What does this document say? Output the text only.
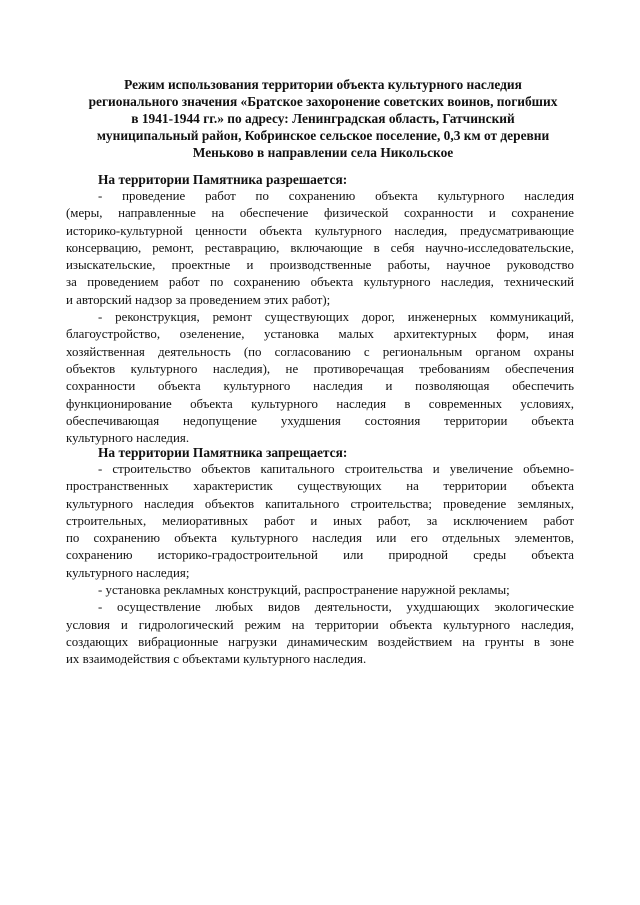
Режим использования территории объекта культурного наследия
регионального значения «Братское захоронение советских воинов, погибших
в 1941-1944 гг.» по адресу: Ленинградская область, Гатчинский
муниципальный район, Кобринское сельское поселение, 0,3 км от деревни
Меньково в направлении села Никольское
На территории Памятника разрешается:
- проведение работ по сохранению объекта культурного наследия
(меры, направленные на обеспечение физической сохранности и сохранение
историко-культурной ценности объекта культурного наследия, предусматривающие
консервацию, ремонт, реставрацию, включающие в себя научно-исследовательские,
изыскательские, проектные и производственные работы, научное руководство
за проведением работ по сохранению объекта культурного наследия, технический
и авторский надзор за проведением этих работ);
- реконструкция, ремонт существующих дорог, инженерных коммуникаций,
благоустройство, озеленение, установка малых архитектурных форм, иная
хозяйственная деятельность (по согласованию с региональным органом охраны
объектов культурного наследия), не противоречащая требованиям обеспечения
сохранности объекта культурного наследия и позволяющая обеспечить
функционирование объекта культурного наследия в современных условиях,
обеспечивающая недопущение ухудшения состояния территории объекта
культурного наследия.
На территории Памятника запрещается:
- строительство объектов капитального строительства и увеличение объемно-
пространственных характеристик существующих на территории объекта
культурного наследия объектов капитального строительства; проведение земляных,
строительных, мелиоративных работ и иных работ, за исключением работ
по сохранению объекта культурного наследия или его отдельных элементов,
сохранению историко-градостроительной или природной среды объекта
культурного наследия;
- установка рекламных конструкций, распространение наружной рекламы;
- осуществление любых видов деятельности, ухудшающих экологические
условия и гидрологический режим на территории объекта культурного наследия,
создающих вибрационные нагрузки динамическим воздействием на грунты в зоне
их взаимодействия с объектами культурного наследия.
